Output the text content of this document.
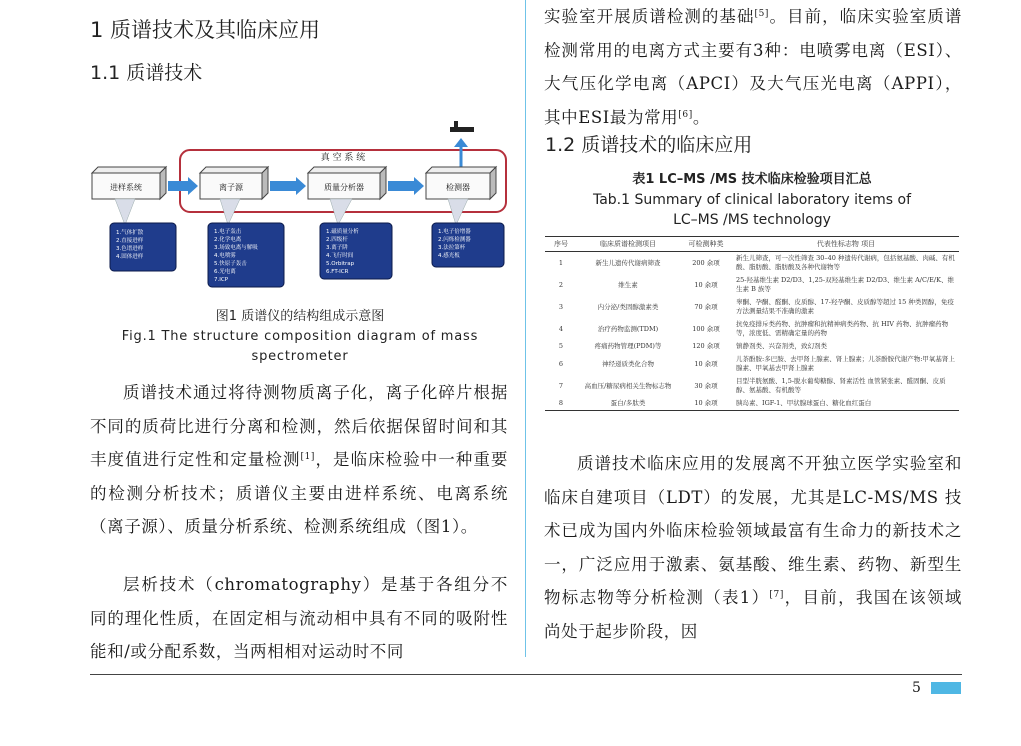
1 质谱技术及其临床应用
1.1 质谱技术
真 空 系 统
进样系统	离子源	质量分析器	检测器
1.气体扩散
2.直接进样
3.色谱进样
4.固体进样
1.电子轰击
2.化学电离
3.场致电离与解吸
4.电喷雾
5.快原子轰击
6.光电离
7.ICP
1.磁质量分析
2.四级杆
3.离子阱
4.飞行时间
5.Orbitrap
6.FT-ICR
1.电子倍增器
2.闪烁检测器
3.法拉第杯
4.感光板
图1 质谱仪的结构组成示意图
Fig.1 The structure composition diagram of mass spectrometer

质谱技术通过将待测物质离子化，离子化碎片根据不同的质荷比进行分离和检测，然后依据保留时间和其丰度值进行定性和定量检测[1]，是临床检验中一种重要的检测分析技术；质谱仪主要由进样系统、电离系统（离子源）、质量分析系统、检测系统组成（图1）。

层析技术（chromatography）是基于各组分不同的理化性质，在固定相与流动相中具有不同的吸附性能和/或分配系数，当两相相对运动时不同

实验室开展质谱检测的基础[5]。目前，临床实验室质谱检测常用的电离方式主要有3种：电喷雾电离（ESI）、大气压化学电离（APCI）及大气压光电离（APPI），其中ESI最为常用[6]。

1.2 质谱技术的临床应用
表1 LC–MS /MS 技术临床检验项目汇总
Tab.1 Summary of clinical laboratory items of
LC–MS /MS technology
序号	临床质谱检测项目	可检测种类	代表性标志物 项目
1	新生儿遗传代谢病筛查	200 余项	新生儿筛查，可一次性筛查 30–40 种遗传代谢病，包括氨基酸、肉碱、有机酸、脂肪酸、脂肪酸及各种代谢物等
2	维生素	10 余项	25-羟基维生素 D2/D3、1,25-双羟基维生素 D2/D3、维生素 A/C/E/K、维生素 B 族等
3	内分泌/类固醇激素类	70 余项	睾酮、孕酮、醛酮、皮质醇、17-羟孕酮、皮质醇等超过 15 种类固醇，免疫方法测量结果不准确的激素
4	治疗药物监测(TDM)	100 余项	抗免疫排斥类药物、抗肿瘤和抗精神病类药物、抗 HIV 药物、抗肿瘤药物等，浓度低、需精确定量的药物
5	疼痛药物管理(PDM)等	120 余项	镇静剂类、兴奋剂类，致幻剂类
6	神经递质类化合物	10 余项	儿茶酚胺:多巴胺、去甲肾上腺素、肾上腺素；儿茶酚胺代谢产物:甲氧基肾上腺素、甲氧基去甲肾上腺素
7	高血压/糖尿病相关生物标志物	30 余项	目型半胱氨酸、1,5-脱水葡萄糖醇、肾素活性 血管紧张素、醛固酮、皮质醇、氨基酸、有机酸等
8	蛋白/多肽类	10 余项	胰岛素、IGF-1、甲状腺球蛋白、糖化血红蛋白

质谱技术临床应用的发展离不开独立医学实验室和临床自建项目（LDT）的发展，尤其是LC-MS/MS 技术已成为国内外临床检验领域最富有生命力的新技术之一，广泛应用于激素、氨基酸、维生素、药物、新型生物标志物等分析检测（表1）[7]，目前，我国在该领域尚处于起步阶段，因

5
